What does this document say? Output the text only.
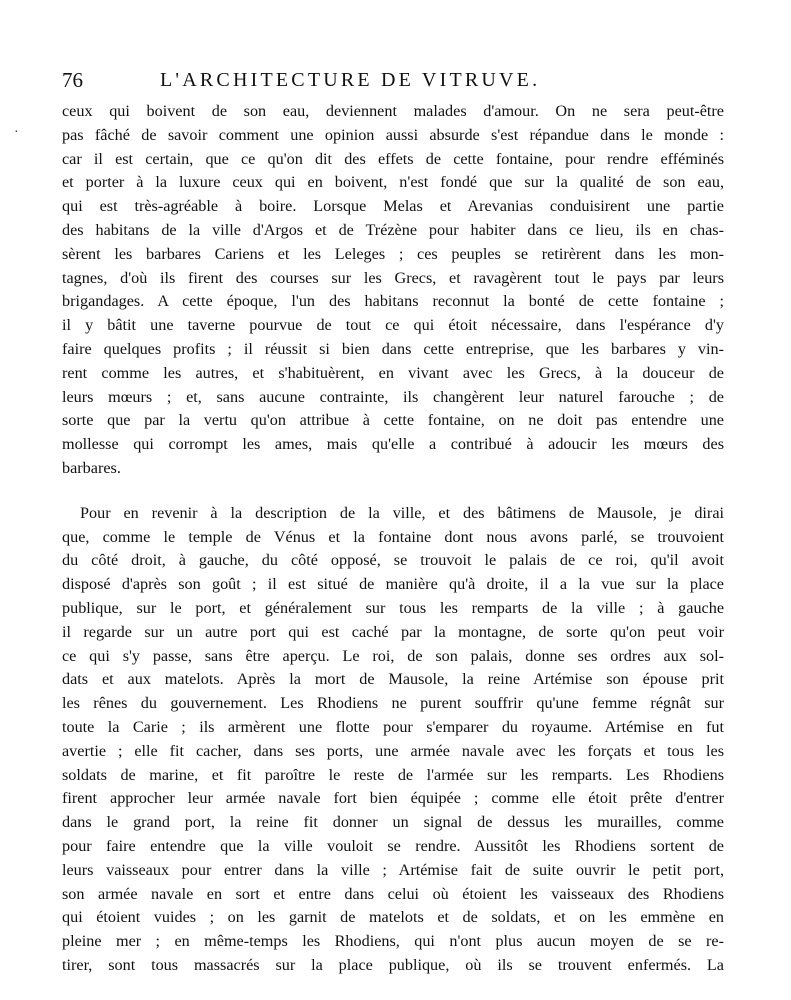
76	L'ARCHITECTURE DE VITRUVE.

ceux qui boivent de son eau, deviennent malades d'amour. On ne sera peut-être
pas fâché de savoir comment une opinion aussi absurde s'est répandue dans le monde :
car il est certain, que ce qu'on dit des effets de cette fontaine, pour rendre efféminés
et porter à la luxure ceux qui en boivent, n'est fondé que sur la qualité de son eau,
qui est très-agréable à boire. Lorsque Melas et Arevanias conduisirent une partie
des habitans de la ville d'Argos et de Trézène pour habiter dans ce lieu, ils en chas-
sèrent les barbares Cariens et les Leleges ; ces peuples se retirèrent dans les mon-
tagnes, d'où ils firent des courses sur les Grecs, et ravagèrent tout le pays par leurs
brigandages. A cette époque, l'un des habitans reconnut la bonté de cette fontaine ;
il y bâtit une taverne pourvue de tout ce qui étoit nécessaire, dans l'espérance d'y
faire quelques profits ; il réussit si bien dans cette entreprise, que les barbares y vin-
rent comme les autres, et s'habituèrent, en vivant avec les Grecs, à la douceur de
leurs mœurs ; et, sans aucune contrainte, ils changèrent leur naturel farouche ; de
sorte que par la vertu qu'on attribue à cette fontaine, on ne doit pas entendre une
mollesse qui corrompt les ames, mais qu'elle a contribué à adoucir les mœurs des
barbares.

Pour en revenir à la description de la ville, et des bâtimens de Mausole, je dirai
que, comme le temple de Vénus et la fontaine dont nous avons parlé, se trouvoient
du côté droit, à gauche, du côté opposé, se trouvoit le palais de ce roi, qu'il avoit
disposé d'après son goût ; il est situé de manière qu'à droite, il a la vue sur la place
publique, sur le port, et généralement sur tous les remparts de la ville ; à gauche
il regarde sur un autre port qui est caché par la montagne, de sorte qu'on peut voir
ce qui s'y passe, sans être aperçu. Le roi, de son palais, donne ses ordres aux sol-
dats et aux matelots. Après la mort de Mausole, la reine Artémise son épouse prit
les rênes du gouvernement. Les Rhodiens ne purent souffrir qu'une femme régnât sur
toute la Carie ; ils armèrent une flotte pour s'emparer du royaume. Artémise en fut
avertie ; elle fit cacher, dans ses ports, une armée navale avec les forçats et tous les
soldats de marine, et fit paroître le reste de l'armée sur les remparts. Les Rhodiens
firent approcher leur armée navale fort bien équipée ; comme elle étoit prête d'entrer
dans le grand port, la reine fit donner un signal de dessus les murailles, comme
pour faire entendre que la ville vouloit se rendre. Aussitôt les Rhodiens sortent de
leurs vaisseaux pour entrer dans la ville ; Artémise fait de suite ouvrir le petit port,
son armée navale en sort et entre dans celui où étoient les vaisseaux des Rhodiens
qui étoient vuides ; on les garnit de matelots et de soldats, et on les emmène en
pleine mer ; en même-temps les Rhodiens, qui n'ont plus aucun moyen de se re-
tirer, sont tous massacrés sur la place publique, où ils se trouvent enfermés. La

·
